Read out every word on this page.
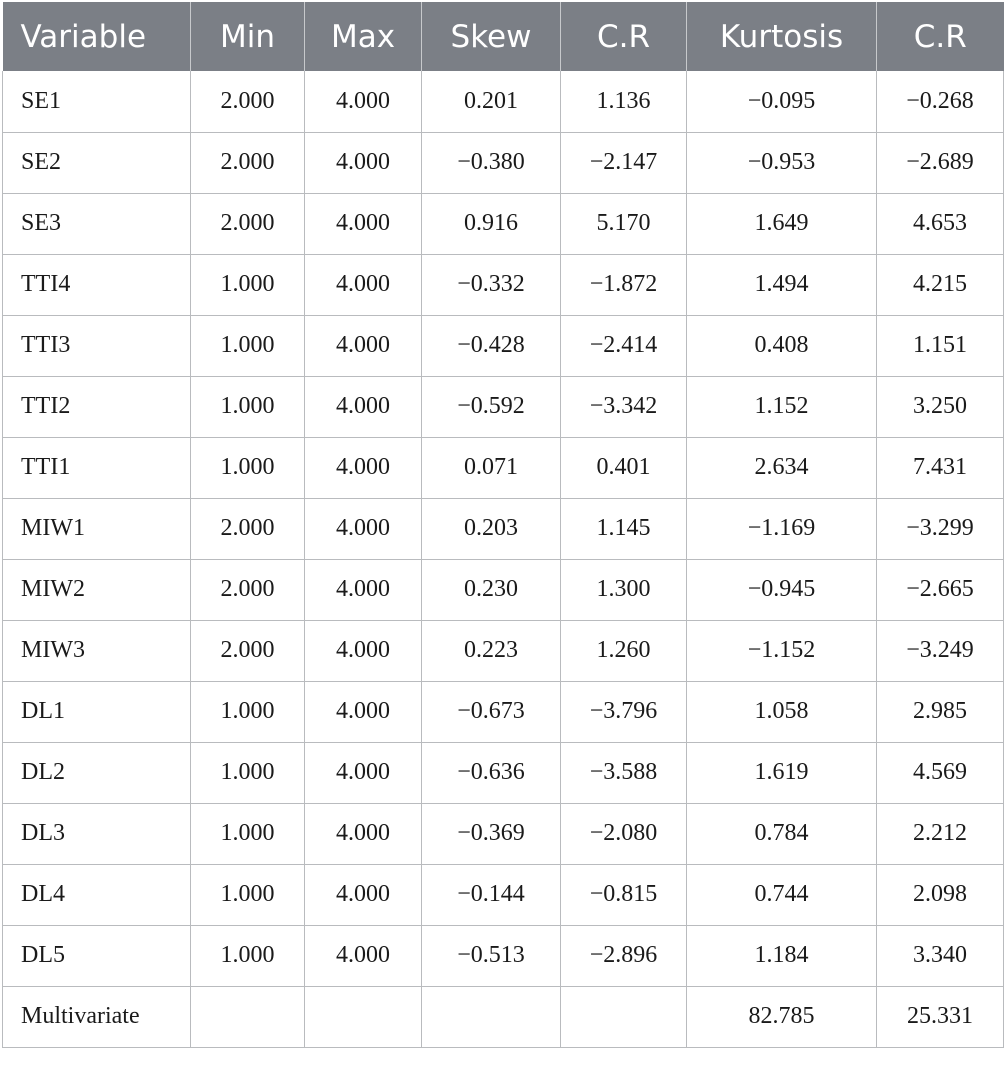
Variable	Min	Max	Skew	C.R	Kurtosis	C.R
SE1	2.000	4.000	0.201	1.136	−0.095	−0.268
SE2	2.000	4.000	−0.380	−2.147	−0.953	−2.689
SE3	2.000	4.000	0.916	5.170	1.649	4.653
TTI4	1.000	4.000	−0.332	−1.872	1.494	4.215
TTI3	1.000	4.000	−0.428	−2.414	0.408	1.151
TTI2	1.000	4.000	−0.592	−3.342	1.152	3.250
TTI1	1.000	4.000	0.071	0.401	2.634	7.431
MIW1	2.000	4.000	0.203	1.145	−1.169	−3.299
MIW2	2.000	4.000	0.230	1.300	−0.945	−2.665
MIW3	2.000	4.000	0.223	1.260	−1.152	−3.249
DL1	1.000	4.000	−0.673	−3.796	1.058	2.985
DL2	1.000	4.000	−0.636	−3.588	1.619	4.569
DL3	1.000	4.000	−0.369	−2.080	0.784	2.212
DL4	1.000	4.000	−0.144	−0.815	0.744	2.098
DL5	1.000	4.000	−0.513	−2.896	1.184	3.340
Multivariate					82.785	25.331
